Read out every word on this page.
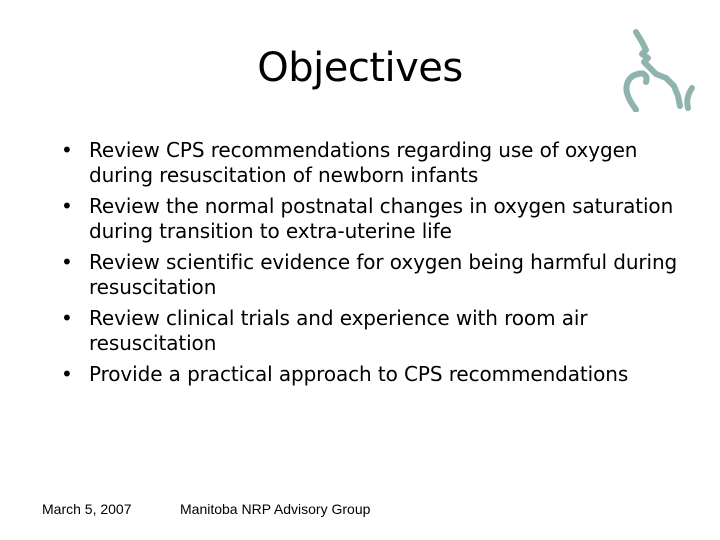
Objectives
• Review CPS recommendations regarding use of oxygen during resuscitation of newborn infants
• Review the normal postnatal changes in oxygen saturation during transition to extra-uterine life
• Review scientific evidence for oxygen being harmful during resuscitation
• Review clinical trials and experience with room air resuscitation
• Provide a practical approach to CPS recommendations
March 5, 2007	Manitoba NRP Advisory Group
